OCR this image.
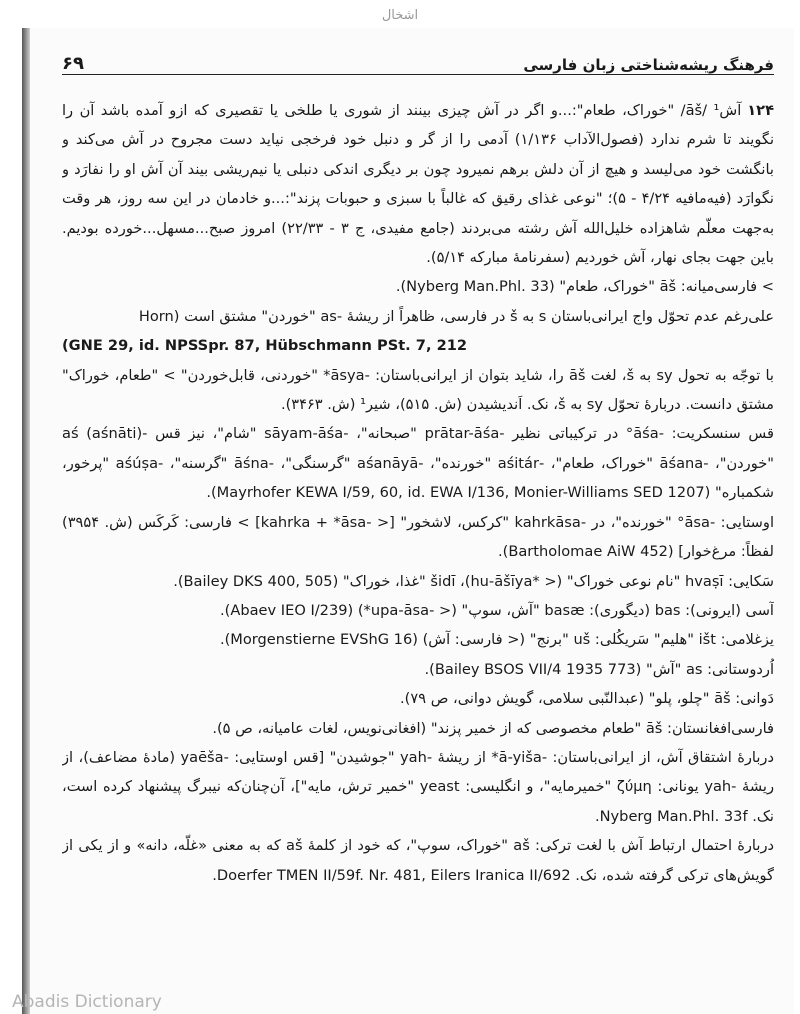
اشخال
فرهنگ ریشه‌شناختی زبان فارسی
۶۹

۱۲۴آش¹ /āš/ "خوراک، طعام":...و اگر در آش چیزی بینند از شوری یا طلخی یا تقصیری که ازو آمده باشد آن را نگویند تا شرم ندارد (فصول‌الآداب ۱/۱۳۶) آدمی را از گر و دنبل خود فرخجی نیاید دست مجروح در آش می‌کند و بانگشت خود می‌لیسد و هیچ از آن دلش برهم نمیرود چون بر دیگری اندکی دنبلی یا نیم‌ریشی بیند آن آش او را نفارَد و نگوارَد (فیه‌مافیه ۴/۲۴ - ۵)؛ "نوعی غذای رقیق که غالباً با سبزی و حبوبات پزند":...و خادمان در این سه روز، هر وقت به‌جهت معلّم شاهزاده خلیل‌الله آش رشته می‌بردند (جامع مفیدی، ج ۳ - ۲۲/۳۳) امروز صبح...مسهل...خورده بودیم. باین جهت بجای نهار، آش خوردیم (سفرنامهٔ مبارکه ۵/۱۴).

> فارسی‌میانه: āš "خوراک، طعام" (Nyberg Man.Phl. 33).

علی‌رغم عدم تحوّل واج ایرانی‌باستان s به š در فارسی، ظاهراً از ریشهٔ -as "خوردن" مشتق است (Horn

(GNE 29, id. NPSSpr. 87, Hübschmann PSt. 7, 212

با توجّه به تحول sy به š، لغت āš را، شاید بتوان از ایرانی‌باستان: -āsya* "خوردنی، قابل‌خوردن" > "طعام، خوراک" مشتق دانست. دربارهٔ تحوّل sy به š، نک. اَندیشیدن (ش. ۵۱۵)، شیر¹ (ش. ۳۴۶۳).

قس سنسکریت: -āśa° در ترکیباتی نظیر -prātar-āśa "صبحانه"، -sāyam-āśa "شام"، نیز قس -aś (aśnāti) "خوردن"، -āśana "خوراک، طعام"، -aśitár "خورنده"، -aśanāyā "گرسنگی"، -āśna "گرسنه"، -aśúṣa "پرخور، شکمباره" (Mayrhofer KEWA I/59, 60, id. EWA I/136, Monier-Williams SED 1207).

اوستایی: -āsa° "خورنده"، در -kahrkāsa "کرکس، لاشخور" [< -kahrka + *āsa] > فارسی: کَرکَس (ش. ۳۹۵۴) لفظاً: مرغ‌خوار] (Bartholomae AiW 452).

سَکایی: hvaṣī "نام نوعی خوراک" (< *hu-āšīya)، šidī "غذا، خوراک" (Bailey DKS 400, 505).

آسی (ایرونی): bas (دیگوری): basæ "آش، سوپ" (< -upa-āsa*) (Abaev IEO I/239).

یزغلامی: išt "هلیم" سَریکُلی: uš "برنج" (< فارسی: آش) (Morgenstierne EVShG 16).

اُردوستانی: as "آش" (Bailey BSOS VII/4 1935 773).

دَوانی: āš "چلو، پلو" (عبدالنّبی سلامی، گویش دوانی، ص ۷۹).

فارسی‌افغانستان: āš "طعام مخصوصی که از خمیر پزند" (افغانی‌نویس، لغات عامیانه، ص ۵).

دربارهٔ اشتقاق آش، از ایرانی‌باستان: -ā-yiša* از ریشهٔ -yah "جوشیدن" [قس اوستایی: -yaēša (مادهٔ مضاعف)، از ریشهٔ -yah یونانی: ζύμη "خمیرمایه"، و انگلیسی: yeast "خمیر ترش، مایه"]، آن‌چنان‌که نیبرگ پیشنهاد کرده است، نک. Nyberg Man.Phl. 33f.

دربارهٔ احتمال ارتباط آش با لغت ترکی: aš "خوراک، سوپ"، که خود از کلمهٔ aš که به معنی «غلّه، دانه» و از یکی از گویش‌های ترکی گرفته شده، نک. Doerfer TMEN II/59f. Nr. 481, Eilers Iranica II/692.

Abadis Dictionary
